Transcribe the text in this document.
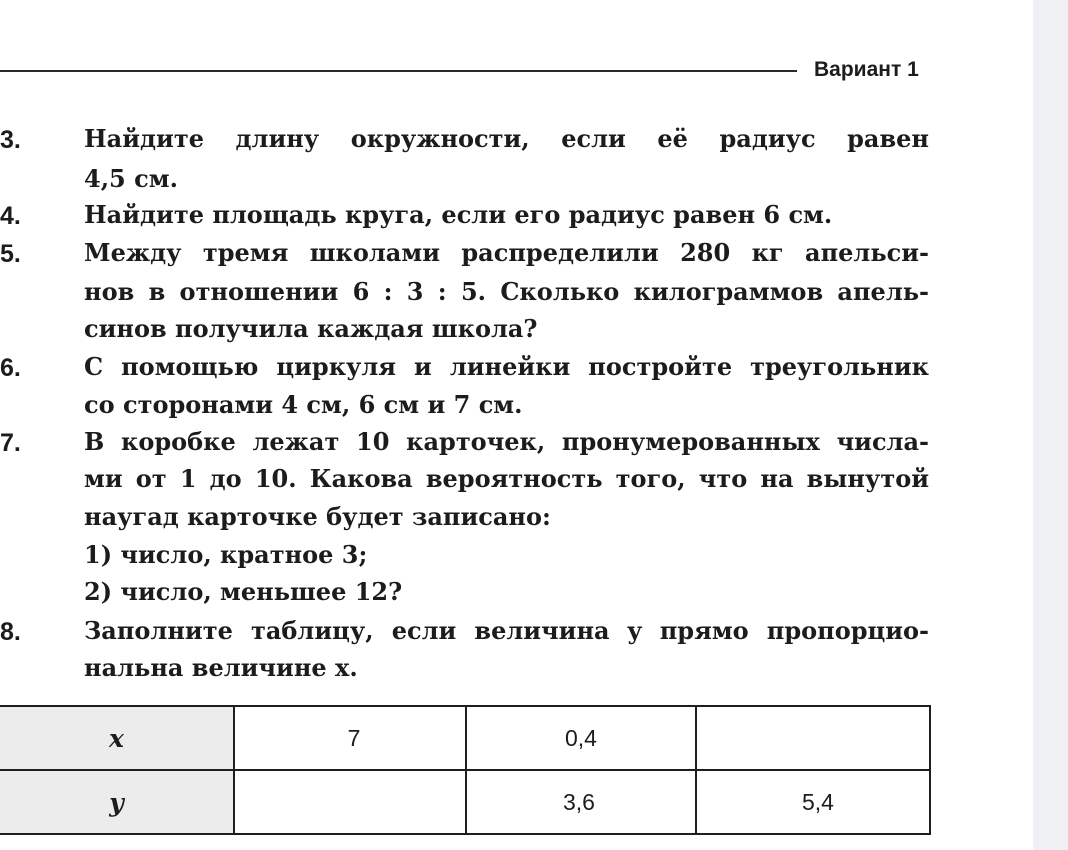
Вариант 1
3.	Найдите длину окружности, если её радиус равен
4,5 см.
4.	Найдите площадь круга, если его радиус равен 6 см.
5.	Между тремя школами распределили 280 кг апельси-
нов в отношении 6 : 3 : 5. Сколько килограммов апель-
синов получила каждая школа?
6.	С помощью циркуля и линейки постройте треугольник
со сторонами 4 см, 6 см и 7 см.
7.	В коробке лежат 10 карточек, пронумерованных числа-
ми от 1 до 10. Какова вероятность того, что на вынутой
наугад карточке будет записано:
1) число, кратное 3;
2) число, меньшее 12?
8.	Заполните таблицу, если величина y прямо пропорцио-
нальна величине x.
x	7	0,4	
y		3,6	5,4
